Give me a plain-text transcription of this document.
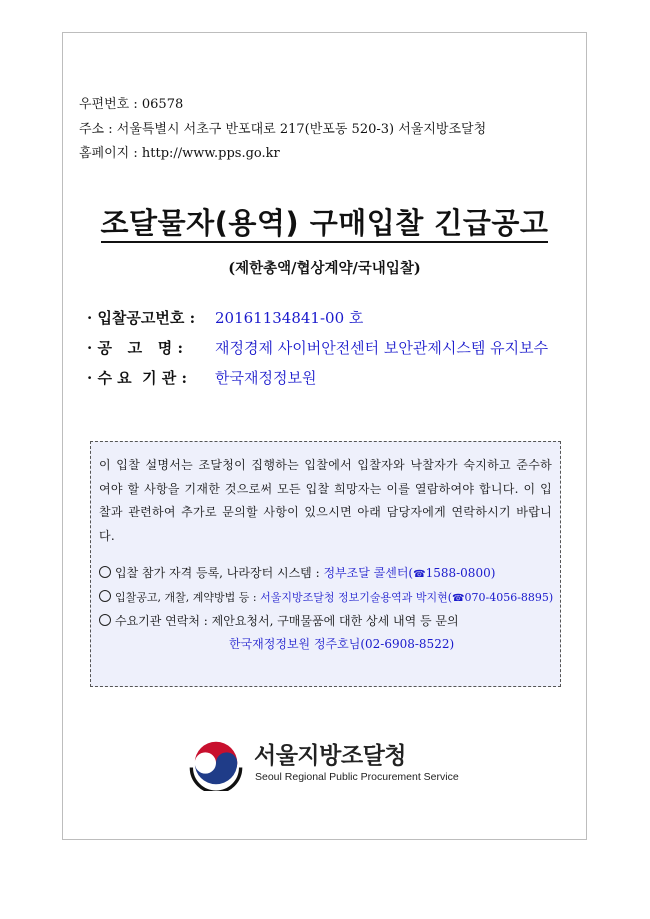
우편번호 : 06578
주소 : 서울특별시 서초구 반포대로 217(반포동 520-3) 서울지방조달청
홈페이지 : http://www.pps.go.kr
조달물자(용역) 구매입찰 긴급공고
(제한총액/협상계약/국내입찰)
· 입찰공고번호 :	20161134841-00 호
· 공   고   명 :	재정경제 사이버안전센터 보안관제시스템 유지보수
· 수 요  기 관 :	한국재정정보원
이 입찰 설명서는 조달청이 집행하는 입찰에서 입찰자와 낙찰자가 숙지하고 준수하여야 할 사항을 기재한 것으로써 모든 입찰 희망자는 이를 열람하여야 합니다. 이 입찰과 관련하여 추가로 문의할 사항이 있으시면 아래 담당자에게 연락하시기 바랍니다.
입찰 참가 자격 등록, 나라장터 시스템 : 정부조달 콜센터(☎1588-0800)
입찰공고, 개찰, 계약방법 등 : 서울지방조달청 정보기술용역과 박지현(☎070-4056-8895)
수요기관 연락처 : 제안요청서, 구매물품에 대한 상세 내역 등 문의
한국재정정보원 정주호님(02-6908-8522)
서울지방조달청
Seoul Regional Public Procurement Service
